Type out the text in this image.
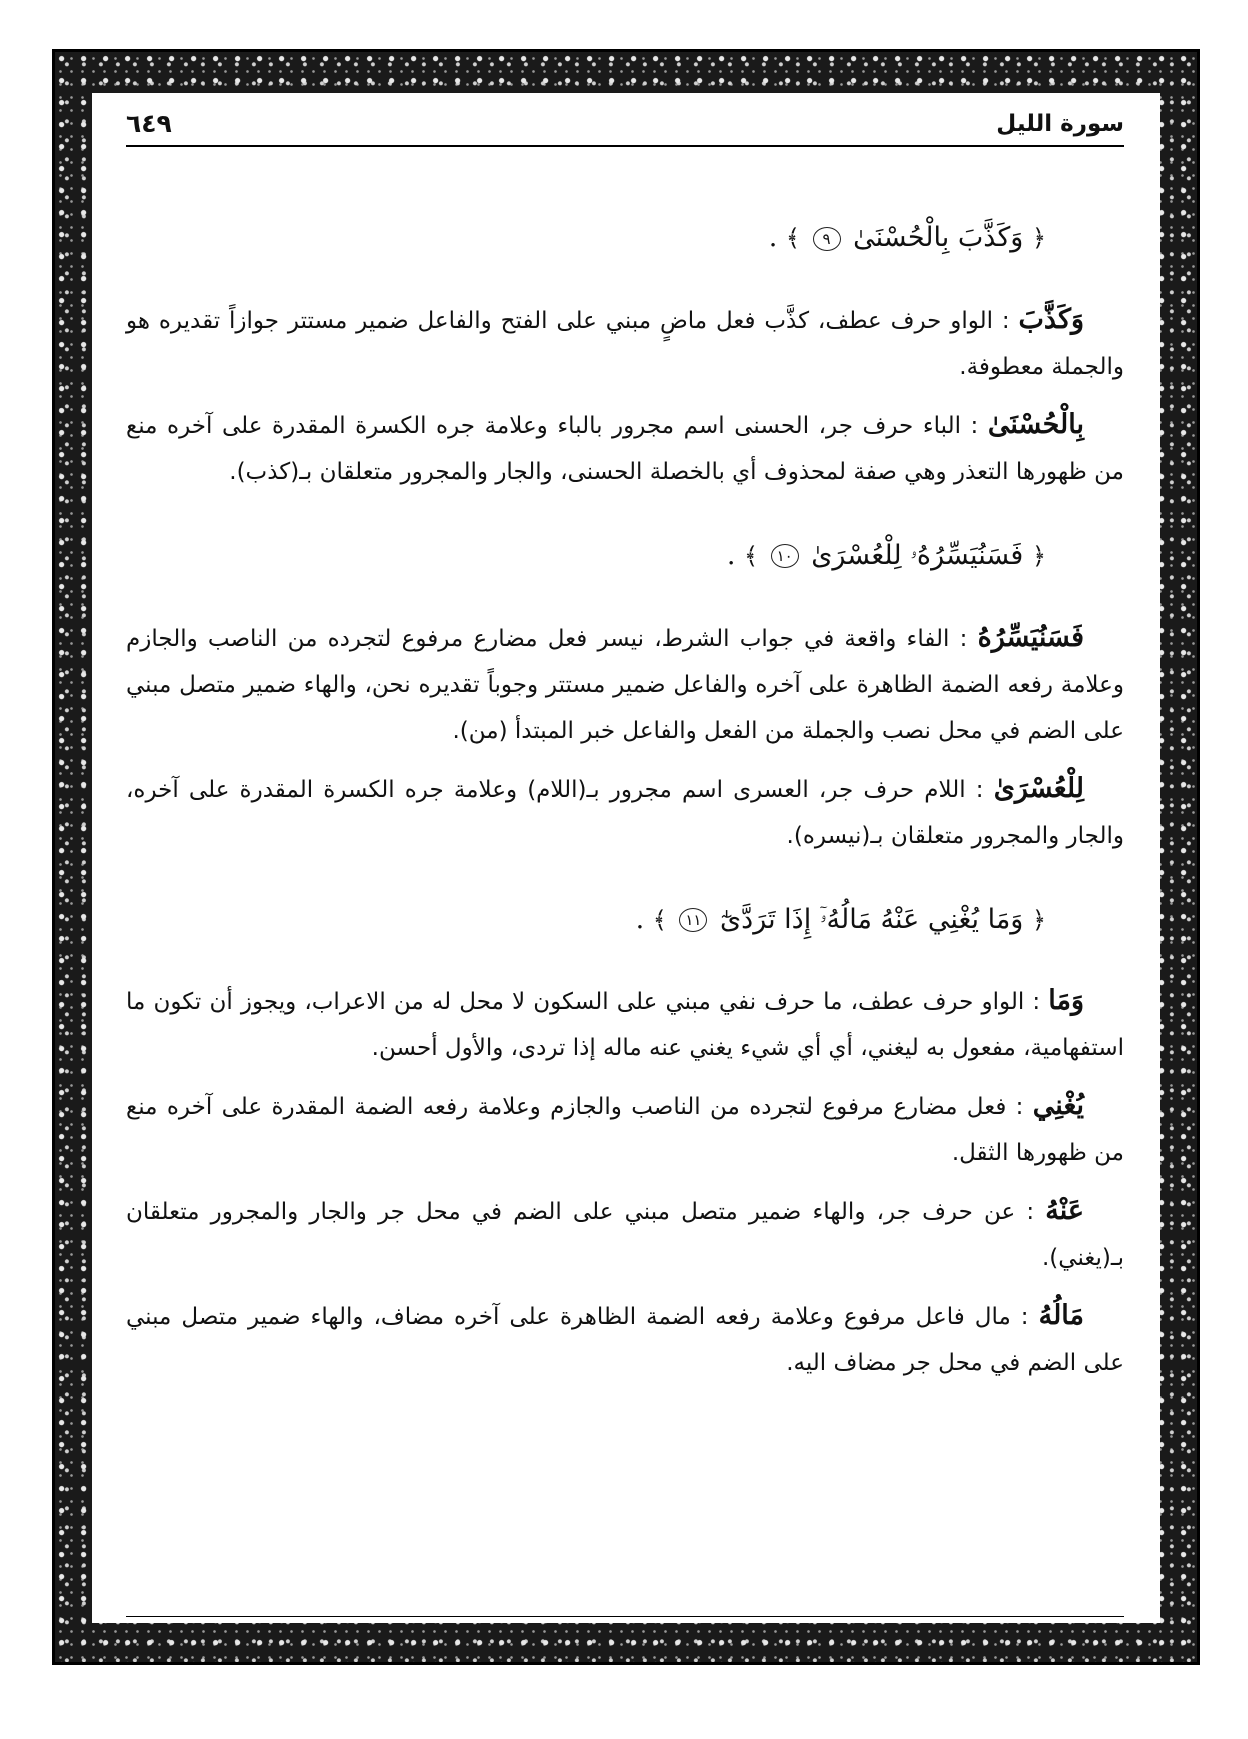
سورة الليل
٦٤٩
﴿ وَكَذَّبَ بِالْحُسْنَىٰ ٩ ﴾ .

وَكَذَّبَ : الواو حرف عطف، كذَّب فعل ماضٍ مبني على الفتح والفاعل ضمير مستتر جوازاً تقديره هو والجملة معطوفة.

بِالْحُسْنَىٰ : الباء حرف جر، الحسنى اسم مجرور بالباء وعلامة جره الكسرة المقدرة على آخره منع من ظهورها التعذر وهي صفة لمحذوف أي بالخصلة الحسنى، والجار والمجرور متعلقان بـ(كذب).

﴿ فَسَنُيَسِّرُهُۥ لِلْعُسْرَىٰ ١٠ ﴾ .

فَسَنُيَسِّرُهُ : الفاء واقعة في جواب الشرط، نيسر فعل مضارع مرفوع لتجرده من الناصب والجازم وعلامة رفعه الضمة الظاهرة على آخره والفاعل ضمير مستتر وجوباً تقديره نحن، والهاء ضمير متصل مبني على الضم في محل نصب والجملة من الفعل والفاعل خبر المبتدأ (من).

لِلْعُسْرَىٰ : اللام حرف جر، العسرى اسم مجرور بـ(اللام) وعلامة جره الكسرة المقدرة على آخره، والجار والمجرور متعلقان بـ(نيسره).

﴿ وَمَا يُغْنِي عَنْهُ مَالُهُۥٓ إِذَا تَرَدَّىٰٓ ١١ ﴾ .

وَمَا : الواو حرف عطف، ما حرف نفي مبني على السكون لا محل له من الاعراب، ويجوز أن تكون ما استفهامية، مفعول به ليغني، أي أي شيء يغني عنه ماله إذا تردى، والأول أحسن.

يُغْنِي : فعل مضارع مرفوع لتجرده من الناصب والجازم وعلامة رفعه الضمة المقدرة على آخره منع من ظهورها الثقل.

عَنْهُ : عن حرف جر، والهاء ضمير متصل مبني على الضم في محل جر والجار والمجرور متعلقان بـ(يغني).

مَالُهُ : مال فاعل مرفوع وعلامة رفعه الضمة الظاهرة على آخره مضاف، والهاء ضمير متصل مبني على الضم في محل جر مضاف اليه.
